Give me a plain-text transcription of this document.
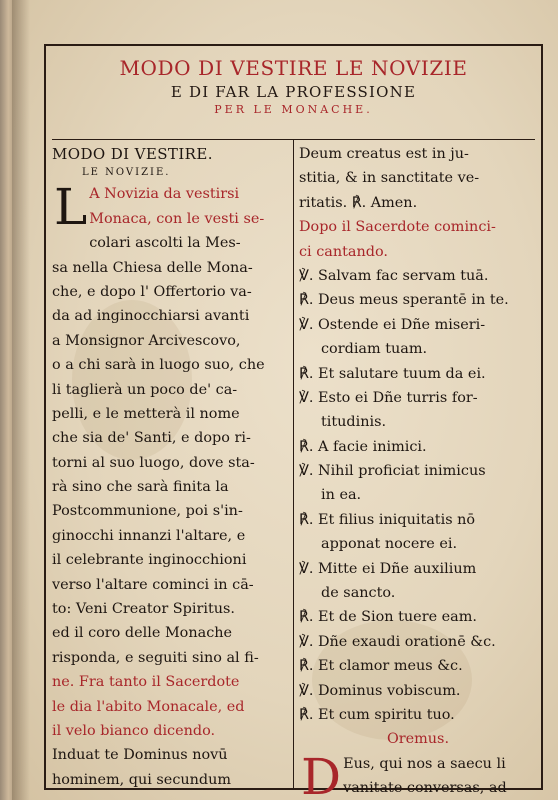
MODO DI VESTIRE LE NOVIZIE
E DI FAR LA PROFESSIONE
PER LE MONACHE.
MODO DI VESTIRE.
LE NOVIZIE.
L A Novizia da vestirsi
Monaca, con le vesti se-
colari ascolti la Mes-
sa nella Chiesa delle Mona-
che, e dopo l' Offertorio va-
da ad inginocchiarsi avanti
a Monsignor Arcivescovo,
o a chi sarà in luogo suo, che
li taglierà un poco de' ca-
pelli, e le metterà il nome
che sia de' Santi, e dopo ri-
torni al suo luogo, dove sta-
rà sino che sarà finita la
Postcommunione, poi s'in-
ginocchi innanzi l'altare, e
il celebrante inginocchioni
verso l'altare cominci in cā-
to: Veni Creator Spiritus.
ed il coro delle Monache
risponda, e seguiti sino al fi-
ne. Fra tanto il Sacerdote
le dia l'abito Monacale, ed
il velo bianco dicendo.
Induat te Dominus novū
hominem, qui secundum
Deum creatus est in ju-
stitia, & in sanctitate ve-
ritatis. ℟. Amen.
Dopo il Sacerdote cominci-
ci cantando.
℣. Salvam fac servam tuā.
℟. Deus meus sperantē in te.
℣. Ostende ei Dñe miseri-
cordiam tuam.
℟. Et salutare tuum da ei.
℣. Esto ei Dñe turris for-
titudinis.
℟. A facie inimici.
℣. Nihil proficiat inimicus
in ea.
℟. Et filius iniquitatis nō
apponat nocere ei.
℣. Mitte ei Dñe auxilium
de sancto.
℟. Et de Sion tuere eam.
℣. Dñe exaudi orationē &c.
℟. Et clamor meus &c.
℣. Dominus vobiscum.
℟. Et cum spiritu tuo.
Oremus.
D Eus, qui nos a saecu li
vanitate conversas, ad
